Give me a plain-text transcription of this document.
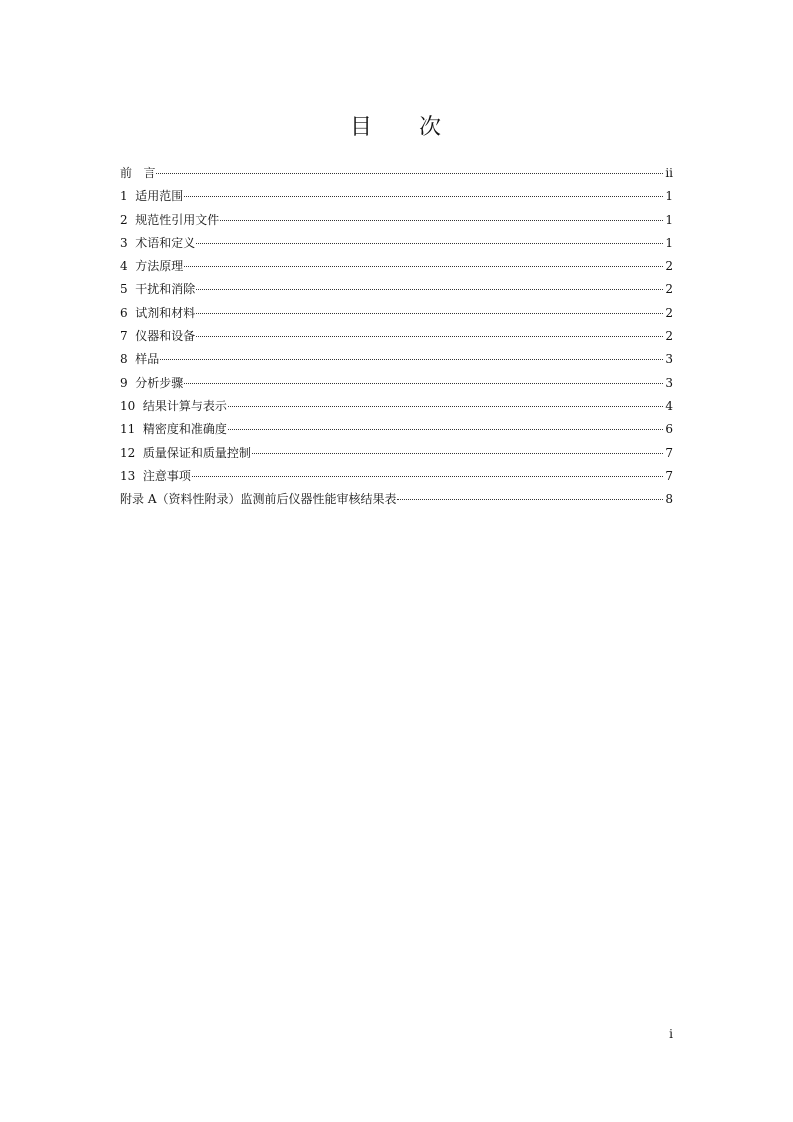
目     次
前   言	ii
1  适用范围	1
2  规范性引用文件	1
3  术语和定义	1
4  方法原理	2
5  干扰和消除	2
6  试剂和材料	2
7  仪器和设备	2
8  样品	3
9  分析步骤	3
10  结果计算与表示	4
11  精密度和准确度	6
12  质量保证和质量控制	7
13  注意事项	7
附录 A（资料性附录）监测前后仪器性能审核结果表	8
i
